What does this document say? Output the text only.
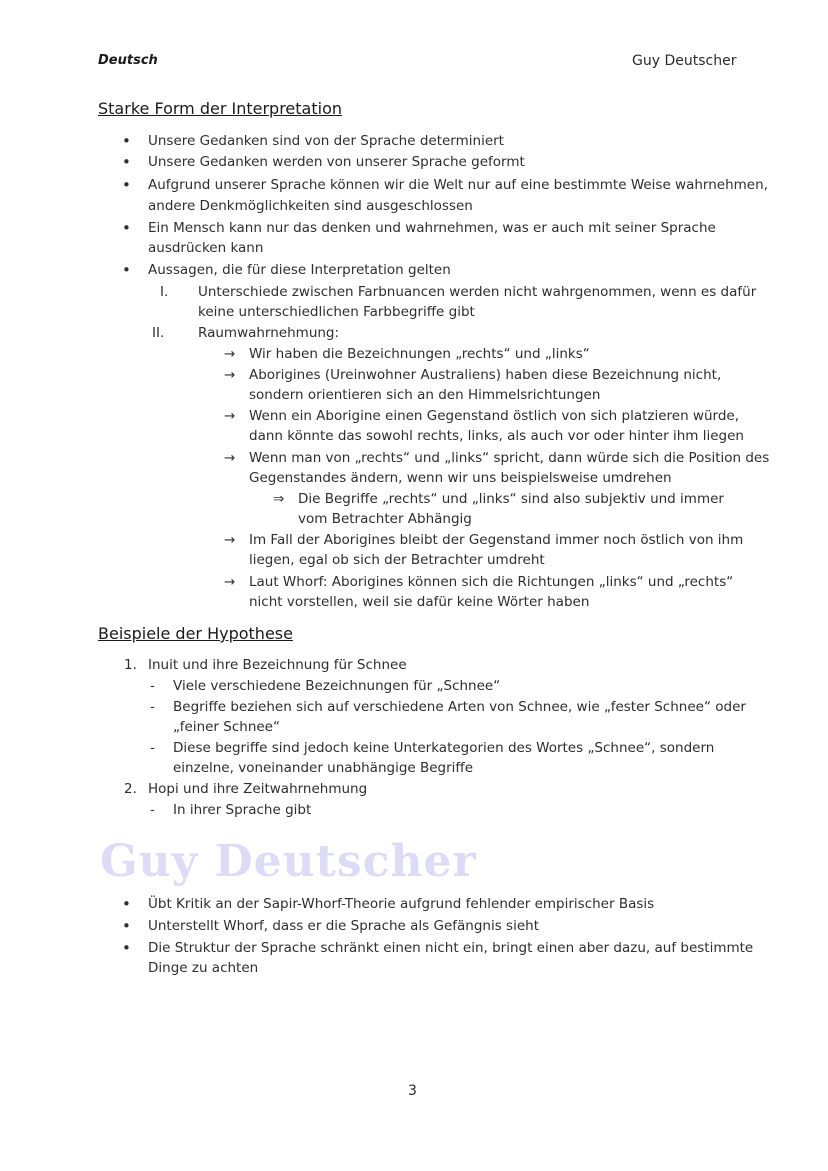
Deutsch	Guy Deutscher
Starke Form der Interpretation
• Unsere Gedanken sind von der Sprache determiniert
• Unsere Gedanken werden von unserer Sprache geformt
• Aufgrund unserer Sprache können wir die Welt nur auf eine bestimmte Weise wahrnehmen,
andere Denkmöglichkeiten sind ausgeschlossen
• Ein Mensch kann nur das denken und wahrnehmen, was er auch mit seiner Sprache
ausdrücken kann
• Aussagen, die für diese Interpretation gelten
I. Unterschiede zwischen Farbnuancen werden nicht wahrgenommen, wenn es dafür
keine unterschiedlichen Farbbegriffe gibt
II. Raumwahrnehmung:
→ Wir haben die Bezeichnungen „rechts“ und „links“
→ Aborigines (Ureinwohner Australiens) haben diese Bezeichnung nicht,
sondern orientieren sich an den Himmelsrichtungen
→ Wenn ein Aborigine einen Gegenstand östlich von sich platzieren würde,
dann könnte das sowohl rechts, links, als auch vor oder hinter ihm liegen
→ Wenn man von „rechts“ und „links“ spricht, dann würde sich die Position des
Gegenstandes ändern, wenn wir uns beispielsweise umdrehen
⇒ Die Begriffe „rechts“ und „links“ sind also subjektiv und immer
vom Betrachter Abhängig
→ Im Fall der Aborigines bleibt der Gegenstand immer noch östlich von ihm
liegen, egal ob sich der Betrachter umdreht
→ Laut Whorf: Aborigines können sich die Richtungen „links“ und „rechts“
nicht vorstellen, weil sie dafür keine Wörter haben
Beispiele der Hypothese
1. Inuit und ihre Bezeichnung für Schnee
- Viele verschiedene Bezeichnungen für „Schnee“
- Begriffe beziehen sich auf verschiedene Arten von Schnee, wie „fester Schnee“ oder
„feiner Schnee“
- Diese begriffe sind jedoch keine Unterkategorien des Wortes „Schnee“, sondern
einzelne, voneinander unabhängige Begriffe
2. Hopi und ihre Zeitwahrnehmung
- In ihrer Sprache gibt
Guy Deutscher
• Übt Kritik an der Sapir-Whorf-Theorie aufgrund fehlender empirischer Basis
• Unterstellt Whorf, dass er die Sprache als Gefängnis sieht
• Die Struktur der Sprache schränkt einen nicht ein, bringt einen aber dazu, auf bestimmte
Dinge zu achten
3
